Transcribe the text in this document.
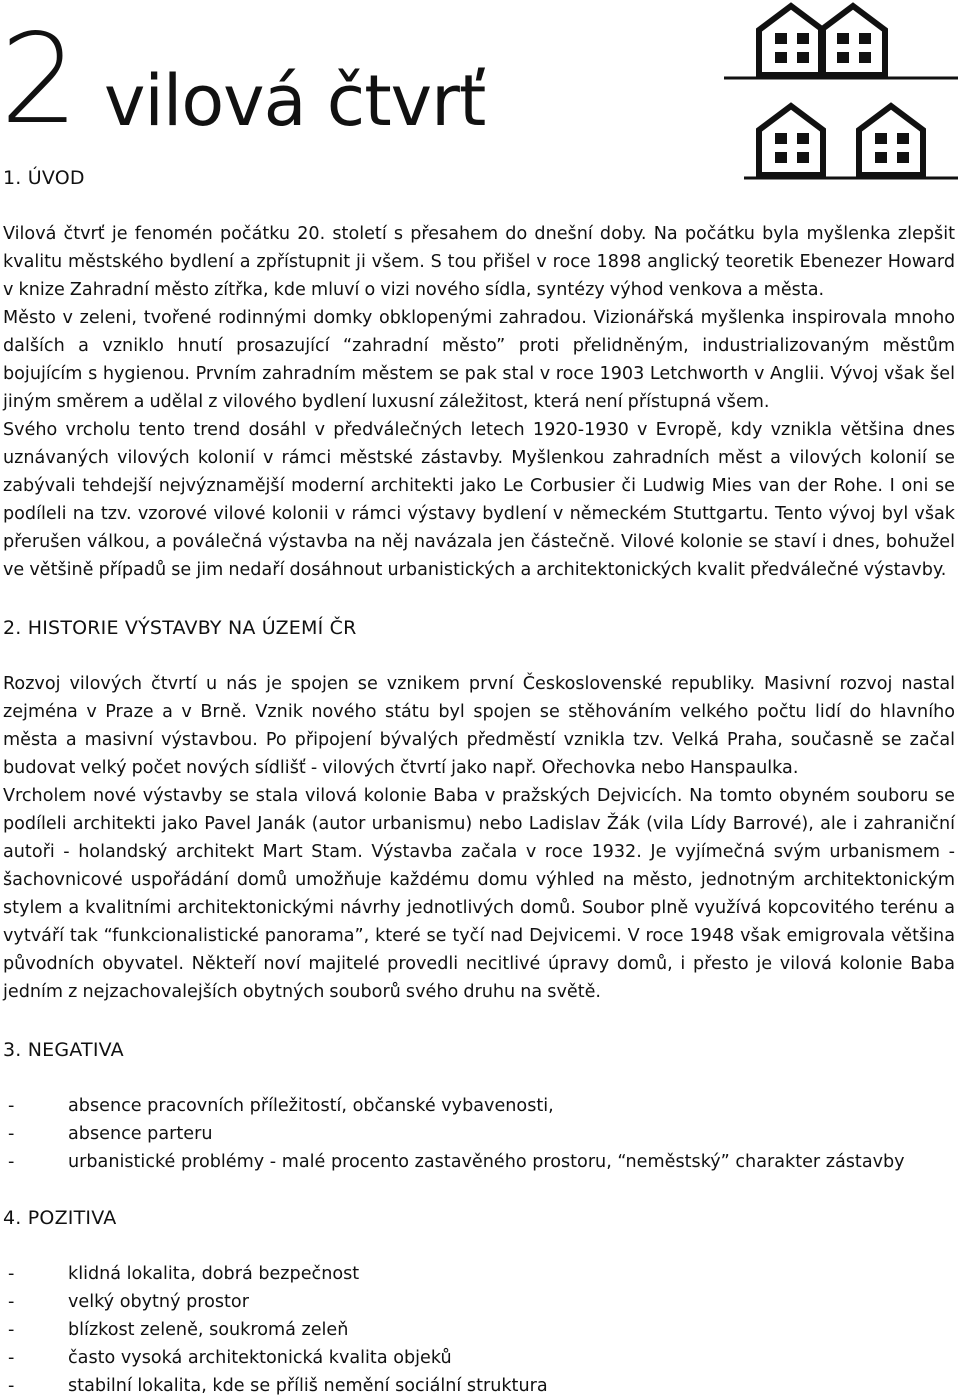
2 vilová čtvrť
1. ÚVOD

Vilová čtvrť je fenomén počátku 20. století s přesahem do dnešní doby. Na počátku byla myšlenka zlepšit kvalitu městského bydlení a zpřístupnit ji všem. S tou přišel v roce 1898 anglický teoretik Ebenezer Howard v knize Zahradní město zítřka, kde mluví o vizi nového sídla, syntézy výhod venkova a města.

Město v zeleni, tvořené rodinnými domky obklopenými zahradou. Vizionářská myšlenka inspirovala mnoho dalších a vzniklo hnutí prosazující “zahradní město” proti přelidněným, industrializovaným městům bojujícím s hygienou. Prvním zahradním městem se pak stal v roce 1903 Letchworth v Anglii. Vývoj však šel jiným směrem a udělal z vilového bydlení luxusní záležitost, která není přístupná všem.

Svého vrcholu tento trend dosáhl v předválečných letech 1920-1930 v Evropě, kdy vznikla většina dnes uznávaných vilových kolonií v rámci městské zástavby. Myšlenkou zahradních měst a vilových kolonií se zabývali tehdejší nejvýznamější moderní architekti jako Le Corbusier či Ludwig Mies van der Rohe. I oni se podíleli na tzv. vzorové vilové kolonii v rámci výstavy bydlení v německém Stuttgartu. Tento vývoj byl však přerušen válkou, a poválečná výstavba na něj navázala jen částečně. Vilové kolonie se staví i dnes, bohužel ve většině případů se jim nedaří dosáhnout urbanistických a architektonických kvalit předválečné výstavby.

2. HISTORIE VÝSTAVBY NA ÚZEMÍ ČR

Rozvoj vilových čtvrtí u nás je spojen se vznikem první Československé republiky. Masivní rozvoj nastal zejména v Praze a v Brně. Vznik nového státu byl spojen se stěhováním velkého počtu lidí do hlavního města a masivní výstavbou. Po připojení bývalých předměstí vznikla tzv. Velká Praha, současně se začal budovat velký počet nových sídlišť - vilových čtvrtí jako např. Ořechovka nebo Hanspaulka.

Vrcholem nové výstavby se stala vilová kolonie Baba v pražských Dejvicích. Na tomto obyném souboru se podíleli architekti jako Pavel Janák (autor urbanismu) nebo Ladislav Žák (vila Lídy Barrové), ale i zahraniční autoři - holandský architekt Mart Stam. Výstavba začala v roce 1932. Je vyjímečná svým urbanismem - šachovnicové uspořádání domů umožňuje každému domu výhled na město, jednotným architektonickým stylem a kvalitními architektonickými návrhy jednotlivých domů. Soubor plně využívá kopcovitého terénu a vytváří tak “funkcionalistické panorama”, které se tyčí nad Dejvicemi. V roce 1948 však emigrovala většina původních obyvatel. Někteří noví majitelé provedli necitlivé úpravy domů, i přesto je vilová kolonie Baba jedním z nejzachovalejších obytných souborů svého druhu na světě.

3. NEGATIVA
-	absence pracovních příležitostí, občanské vybavenosti,
-	absence parteru
-	urbanistické problémy - malé procento zastavěného prostoru, “neměstský” charakter zástavby
4. POZITIVA
-	klidná lokalita, dobrá bezpečnost
-	velký obytný prostor
-	blízkost zeleně, soukromá zeleň
-	často vysoká architektonická kvalita objeků
-	stabilní lokalita, kde se příliš nemění sociální struktura
